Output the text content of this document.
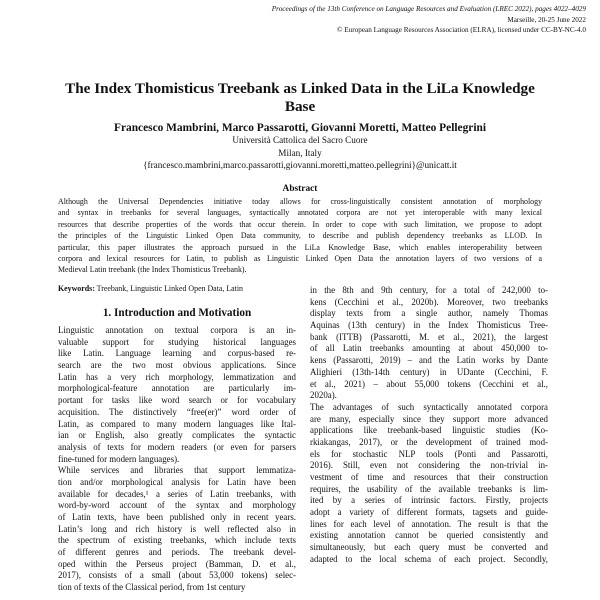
Proceedings of the 13th Conference on Language Resources and Evaluation (LREC 2022), pages 4022–4029
Marseille, 20-25 June 2022
© European Language Resources Association (ELRA), licensed under CC-BY-NC-4.0
The Index Thomisticus Treebank as Linked Data in the LiLa Knowledge Base
Francesco Mambrini, Marco Passarotti, Giovanni Moretti, Matteo Pellegrini
Università Cattolica del Sacro Cuore
Milan, Italy
{francesco.mambrini,marco.passarotti,giovanni.moretti,matteo.pellegrini}@unicatt.it
Abstract
Although the Universal Dependencies initiative today allows for cross-linguistically consistent annotation of morphology
and syntax in treebanks for several languages, syntactically annotated corpora are not yet interoperable with many lexical
resources that describe properties of the words that occur therein. In order to cope with such limitation, we propose to adopt
the principles of the Linguistic Linked Open Data community, to describe and publish dependency treebanks as LLOD. In
particular, this paper illustrates the approach pursued in the LiLa Knowledge Base, which enables interoperability between
corpora and lexical resources for Latin, to publish as Linguistic Linked Open Data the annotation layers of two versions of a
Medieval Latin treebank (the Index Thomisticus Treebank).
Keywords: Treebank, Linguistic Linked Open Data, Latin
1. Introduction and Motivation
Linguistic annotation on textual corpora is an in-
valuable support for studying historical languages
like Latin. Language learning and corpus-based re-
search are the two most obvious applications. Since
Latin has a very rich morphology, lemmatization and
morphological-feature annotation are particularly im-
portant for tasks like word search or for vocabulary
acquisition. The distinctively “free(er)” word order of
Latin, as compared to many modern languages like Ital-
ian or English, also greatly complicates the syntactic
analysis of texts for modern readers (or even for parsers
fine-tuned for modern languages).
While services and libraries that support lemmatiza-
tion and/or morphological analysis for Latin have been
available for decades,¹ a series of Latin treebanks, with
word-by-word account of the syntax and morphology
of Latin texts, have been published only in recent years.
Latin’s long and rich history is well reflected also in
the spectrum of existing treebanks, which include texts
of different genres and periods. The treebank devel-
oped within the Perseus project (Bamman, D. et al.,
2017), consists of a small (about 53,000 tokens) selec-
tion of texts of the Classical period, from 1st century
in the 8th and 9th century, for a total of 242,000 to-
kens (Cecchini et al., 2020b). Moreover, two treebanks
display texts from a single author, namely Thomas
Aquinas (13th century) in the Index Thomisticus Tree-
bank (ITTB) (Passarotti, M. et al., 2021), the largest
of all Latin treebanks amounting at about 450,000 to-
kens (Passarotti, 2019) – and the Latin works by Dante
Alighieri (13th-14th century) in UDante (Cecchini, F.
et al., 2021) – about 55,000 tokens (Cecchini et al.,
2020a).
The advantages of such syntactically annotated corpora
are many, especially since they support more advanced
applications like treebank-based linguistic studies (Ko-
rkiakangas, 2017), or the development of trained mod-
els for stochastic NLP tools (Ponti and Passarotti,
2016). Still, even not considering the non-trivial in-
vestment of time and resources that their construction
requires, the usability of the available treebanks is lim-
ited by a series of intrinsic factors. Firstly, projects
adopt a variety of different formats, tagsets and guide-
lines for each level of annotation. The result is that the
existing annotation cannot be queried consistently and
simultaneously, but each query must be converted and
adapted to the local schema of each project. Secondly,
